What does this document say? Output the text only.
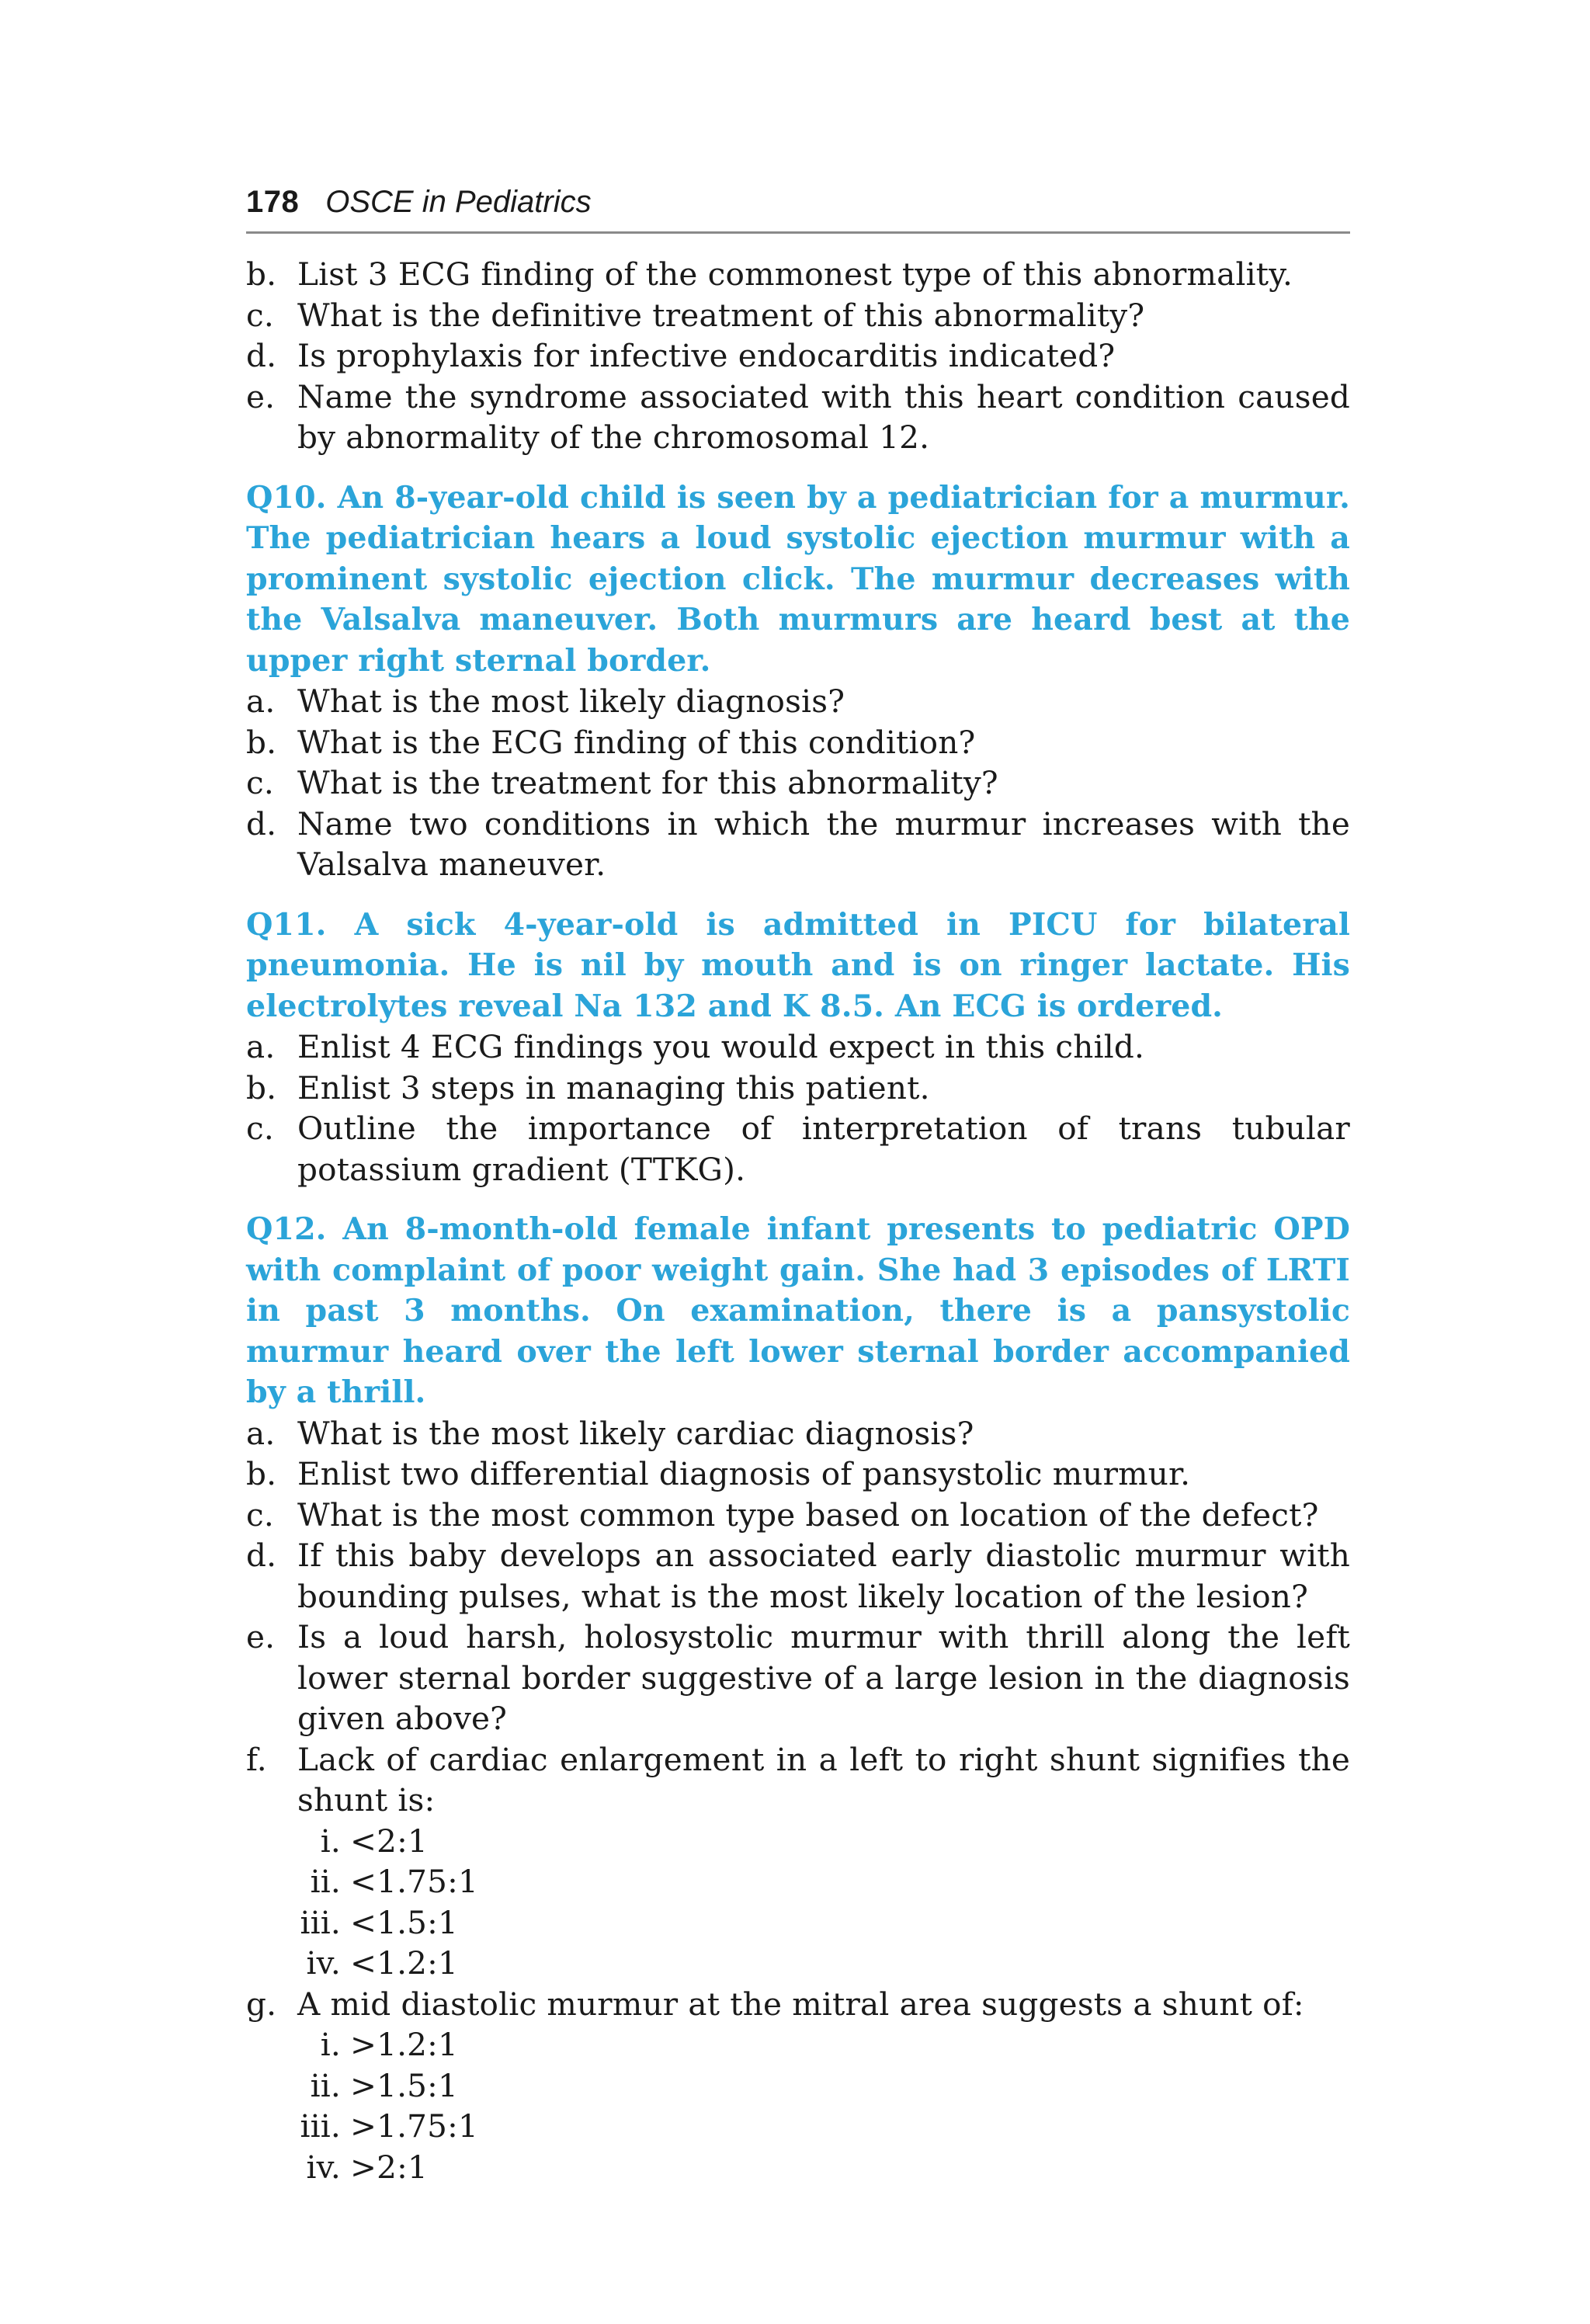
178 OSCE in Pediatrics
b. List 3 ECG finding of the commonest type of this abnormality.
c. What is the definitive treatment of this abnormality?
d. Is prophylaxis for infective endocarditis indicated?
e. Name the syndrome associated with this heart condition caused by abnormality of the chromosomal 12.
Q10. An 8-year-old child is seen by a pediatrician for a murmur. The pediatrician hears a loud systolic ejection murmur with a prominent systolic ejection click. The murmur decreases with the Valsalva maneuver. Both murmurs are heard best at the upper right sternal border.
a. What is the most likely diagnosis?
b. What is the ECG finding of this condition?
c. What is the treatment for this abnormality?
d. Name two conditions in which the murmur increases with the Valsalva maneuver.
Q11. A sick 4-year-old is admitted in PICU for bilateral pneumonia. He is nil by mouth and is on ringer lactate. His electrolytes reveal Na 132 and K 8.5. An ECG is ordered.
a. Enlist 4 ECG findings you would expect in this child.
b. Enlist 3 steps in managing this patient.
c. Outline the importance of interpretation of trans tubular potassium gradient (TTKG).
Q12. An 8-month-old female infant presents to pediatric OPD with complaint of poor weight gain. She had 3 episodes of LRTI in past 3 months. On examination, there is a pansystolic murmur heard over the left lower sternal border accompanied by a thrill.
a. What is the most likely cardiac diagnosis?
b. Enlist two differential diagnosis of pansystolic murmur.
c. What is the most common type based on location of the defect?
d. If this baby develops an associated early diastolic murmur with bounding pulses, what is the most likely location of the lesion?
e. Is a loud harsh, holosystolic murmur with thrill along the left lower sternal border suggestive of a large lesion in the diagnosis given above?
f. Lack of cardiac enlargement in a left to right shunt signifies the shunt is:
i. <2:1
ii. <1.75:1
iii. <1.5:1
iv. <1.2:1
g. A mid diastolic murmur at the mitral area suggests a shunt of:
i. >1.2:1
ii. >1.5:1
iii. >1.75:1
iv. >2:1
